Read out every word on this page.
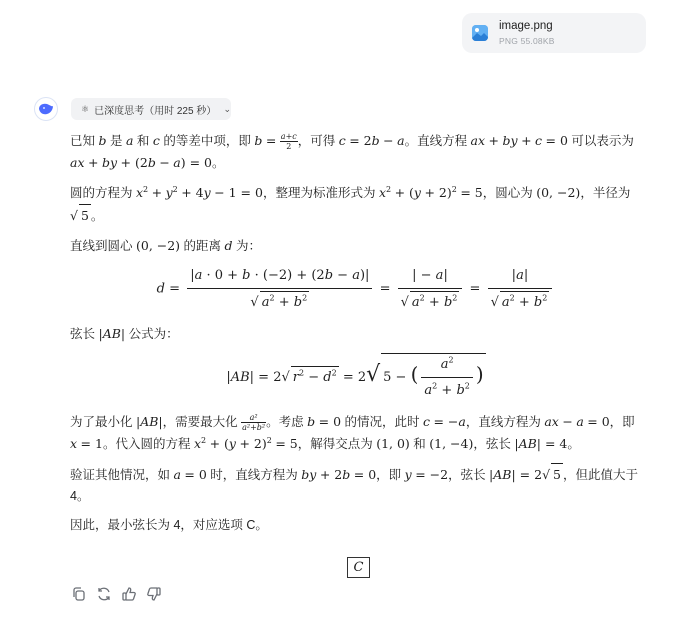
image.png
PNG 55.08KB
⚛ 已深度思考（用时 225 秒） ⌄
已知 b 是 a 和 c 的等差中项，即 $b = \frac{a+c}{2}$ ，可得 c = 2b − a。直线方程 ax + by + c = 0 可以表示为
ax + by + (2b − a) = 0。
圆的方程为 $x^2 + y^2 + 4y - 1 = 0$，整理为标准形式为 $x^2 + (y + 2)^2 = 5$，圆心为 (0, −2)，半径为
√ 5 。
直线到圆心 (0, −2) 的距离 d 为：
$d = \frac{|a \cdot 0 + b \cdot (-2) + (2b - a)|}{√ a^2 + b^2} = \frac{| - a|}{√ a^2 + b^2} = \frac{|a|}{√ a^2 + b^2}$
弦长 |AB| 公式为：
|AB| = 2√ $r^2 - d^2 = 2√$ 5 − ( $\frac{a^2}{a^2 + b^2}$ )
为了最小化 |AB|，需要最大化 $\frac{\text{a²}}{\text{a²+b²}}$ 。考虑 b = 0 的情况，此时 c = −a，直线方程为 ax − a = 0，即
x = 1。代入圆的方程 $x^2 + (y + 2)^2 = 5$，解得交点为 (1, 0) 和 (1, −4)，弦长 |AB| = 4。
验证其他情况，如 a = 0 时，直线方程为 by + 2b = 0，即 y = −2，弦长 |AB| = 2√ 5 ，但此值大于
4。
因此，最小弦长为 4，对应选项 C。
C
